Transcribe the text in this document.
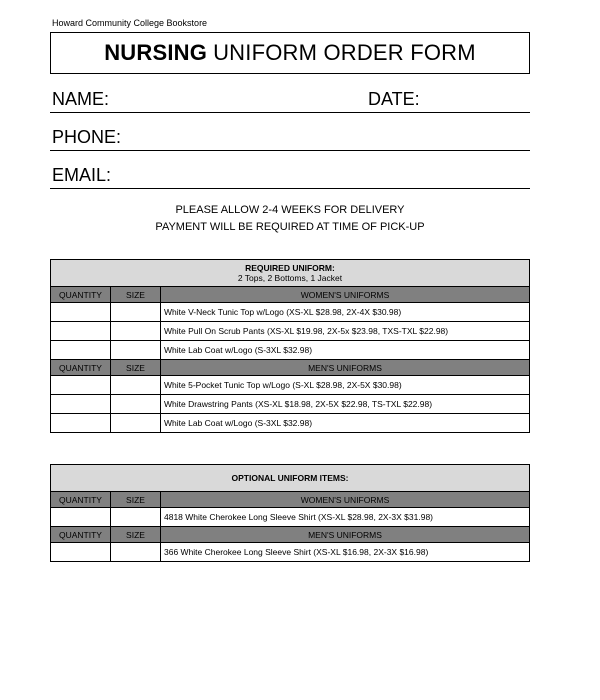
Howard Community College Bookstore
NURSING UNIFORM ORDER FORM
NAME:	DATE:
PHONE:
EMAIL:
PLEASE ALLOW 2-4 WEEKS FOR DELIVERY
PAYMENT WILL BE REQUIRED AT TIME OF PICK-UP
REQUIRED UNIFORM:
2 Tops, 2 Bottoms, 1 Jacket		

QUANTITY	SIZE	WOMEN'S UNIFORMS
		White V-Neck Tunic Top w/Logo (XS-XL $28.98, 2X-4X $30.98)
		White Pull On Scrub Pants (XS-XL $19.98, 2X-5x $23.98, TXS-TXL $22.98)
		White Lab Coat w/Logo (S-3XL $32.98)
QUANTITY	SIZE	MEN'S UNIFORMS
		White 5-Pocket Tunic Top w/Logo (S-XL $28.98, 2X-5X $30.98)
		White Drawstring Pants (XS-XL $18.98, 2X-5X $22.98, TS-TXL $22.98)
		White Lab Coat w/Logo (S-3XL $32.98)
OPTIONAL UNIFORM ITEMS:		
QUANTITY	SIZE	WOMEN'S UNIFORMS
		4818 White Cherokee Long Sleeve Shirt (XS-XL $28.98, 2X-3X $31.98)
QUANTITY	SIZE	MEN'S UNIFORMS
		366 White Cherokee Long Sleeve Shirt (XS-XL $16.98, 2X-3X $16.98)
